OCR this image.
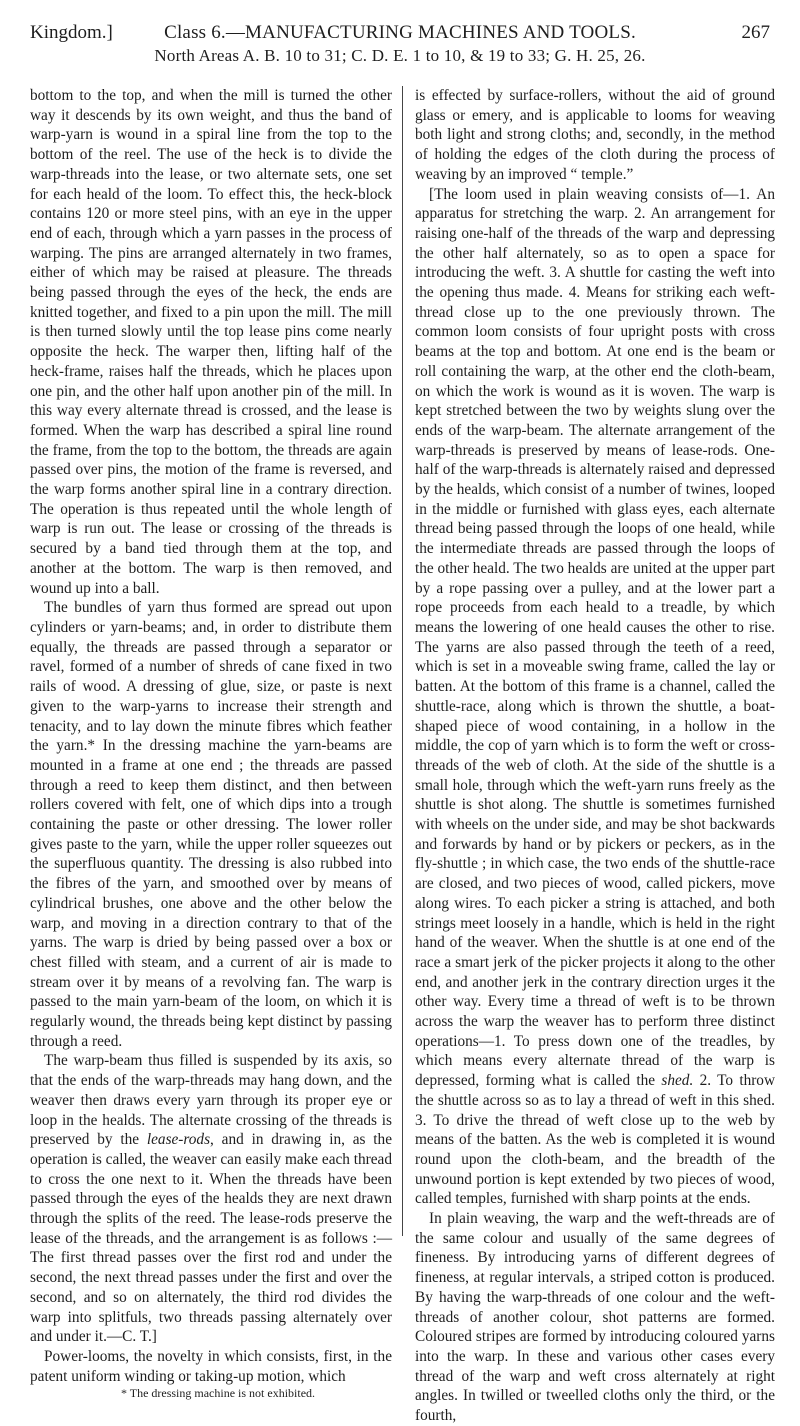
Kingdom.]	Class 6.—MANUFACTURING MACHINES AND TOOLS.	267
North Areas A. B. 10 to 31; C. D. E. 1 to 10, & 19 to 33; G. H. 25, 26.

bottom to the top, and when the mill is turned the other way it descends by its own weight, and thus the band of warp-yarn is wound in a spiral line from the top to the bottom of the reel. The use of the heck is to divide the warp-threads into the lease, or two alternate sets, one set for each heald of the loom. To effect this, the heck-block contains 120 or more steel pins, with an eye in the upper end of each, through which a yarn passes in the process of warping. The pins are arranged alternately in two frames, either of which may be raised at pleasure. The threads being passed through the eyes of the heck, the ends are knitted together, and fixed to a pin upon the mill. The mill is then turned slowly until the top lease pins come nearly opposite the heck. The warper then, lifting half of the heck-frame, raises half the threads, which he places upon one pin, and the other half upon another pin of the mill. In this way every alternate thread is crossed, and the lease is formed. When the warp has described a spiral line round the frame, from the top to the bottom, the threads are again passed over pins, the motion of the frame is reversed, and the warp forms another spiral line in a contrary direction. The operation is thus repeated until the whole length of warp is run out. The lease or crossing of the threads is secured by a band tied through them at the top, and another at the bottom. The warp is then removed, and wound up into a ball.

The bundles of yarn thus formed are spread out upon cylinders or yarn-beams; and, in order to distribute them equally, the threads are passed through a separator or ravel, formed of a number of shreds of cane fixed in two rails of wood. A dressing of glue, size, or paste is next given to the warp-yarns to increase their strength and tenacity, and to lay down the minute fibres which feather the yarn.* In the dressing machine the yarn-beams are mounted in a frame at one end ; the threads are passed through a reed to keep them distinct, and then between rollers covered with felt, one of which dips into a trough containing the paste or other dressing. The lower roller gives paste to the yarn, while the upper roller squeezes out the superfluous quantity. The dressing is also rubbed into the fibres of the yarn, and smoothed over by means of cylindrical brushes, one above and the other below the warp, and moving in a direction contrary to that of the yarns. The warp is dried by being passed over a box or chest filled with steam, and a current of air is made to stream over it by means of a revolving fan. The warp is passed to the main yarn-beam of the loom, on which it is regularly wound, the threads being kept distinct by passing through a reed.

The warp-beam thus filled is suspended by its axis, so that the ends of the warp-threads may hang down, and the weaver then draws every yarn through its proper eye or loop in the healds. The alternate crossing of the threads is preserved by the lease-rods, and in drawing in, as the operation is called, the weaver can easily make each thread to cross the one next to it. When the threads have been passed through the eyes of the healds they are next drawn through the splits of the reed. The lease-rods preserve the lease of the threads, and the arrangement is as follows :—The first thread passes over the first rod and under the second, the next thread passes under the first and over the second, and so on alternately, the third rod divides the warp into splitfuls, two threads passing alternately over and under it.—C. T.]

Power-looms, the novelty in which consists, first, in the patent uniform winding or taking-up motion, which

* The dressing machine is not exhibited.

is effected by surface-rollers, without the aid of ground glass or emery, and is applicable to looms for weaving both light and strong cloths; and, secondly, in the method of holding the edges of the cloth during the process of weaving by an improved “ temple.”

[The loom used in plain weaving consists of—1. An apparatus for stretching the warp. 2. An arrangement for raising one-half of the threads of the warp and depressing the other half alternately, so as to open a space for introducing the weft. 3. A shuttle for casting the weft into the opening thus made. 4. Means for striking each weft-thread close up to the one previously thrown. The common loom consists of four upright posts with cross beams at the top and bottom. At one end is the beam or roll containing the warp, at the other end the cloth-beam, on which the work is wound as it is woven. The warp is kept stretched between the two by weights slung over the ends of the warp-beam. The alternate arrangement of the warp-threads is preserved by means of lease-rods. One-half of the warp-threads is alternately raised and depressed by the healds, which consist of a number of twines, looped in the middle or furnished with glass eyes, each alternate thread being passed through the loops of one heald, while the intermediate threads are passed through the loops of the other heald. The two healds are united at the upper part by a rope passing over a pulley, and at the lower part a rope proceeds from each heald to a treadle, by which means the lowering of one heald causes the other to rise. The yarns are also passed through the teeth of a reed, which is set in a moveable swing frame, called the lay or batten. At the bottom of this frame is a channel, called the shuttle-race, along which is thrown the shuttle, a boat-shaped piece of wood containing, in a hollow in the middle, the cop of yarn which is to form the weft or cross-threads of the web of cloth. At the side of the shuttle is a small hole, through which the weft-yarn runs freely as the shuttle is shot along. The shuttle is sometimes furnished with wheels on the under side, and may be shot backwards and forwards by hand or by pickers or peckers, as in the fly-shuttle ; in which case, the two ends of the shuttle-race are closed, and two pieces of wood, called pickers, move along wires. To each picker a string is attached, and both strings meet loosely in a handle, which is held in the right hand of the weaver. When the shuttle is at one end of the race a smart jerk of the picker projects it along to the other end, and another jerk in the contrary direction urges it the other way. Every time a thread of weft is to be thrown across the warp the weaver has to perform three distinct operations—1. To press down one of the treadles, by which means every alternate thread of the warp is depressed, forming what is called the shed. 2. To throw the shuttle across so as to lay a thread of weft in this shed. 3. To drive the thread of weft close up to the web by means of the batten. As the web is completed it is wound round upon the cloth-beam, and the breadth of the unwound portion is kept extended by two pieces of wood, called temples, furnished with sharp points at the ends.

In plain weaving, the warp and the weft-threads are of the same colour and usually of the same degrees of fineness. By introducing yarns of different degrees of fineness, at regular intervals, a striped cotton is produced. By having the warp-threads of one colour and the weft-threads of another colour, shot patterns are formed. Coloured stripes are formed by introducing coloured yarns into the warp. In these and various other cases every thread of the warp and weft cross alternately at right angles. In twilled or tweelled cloths only the third, or the fourth,
